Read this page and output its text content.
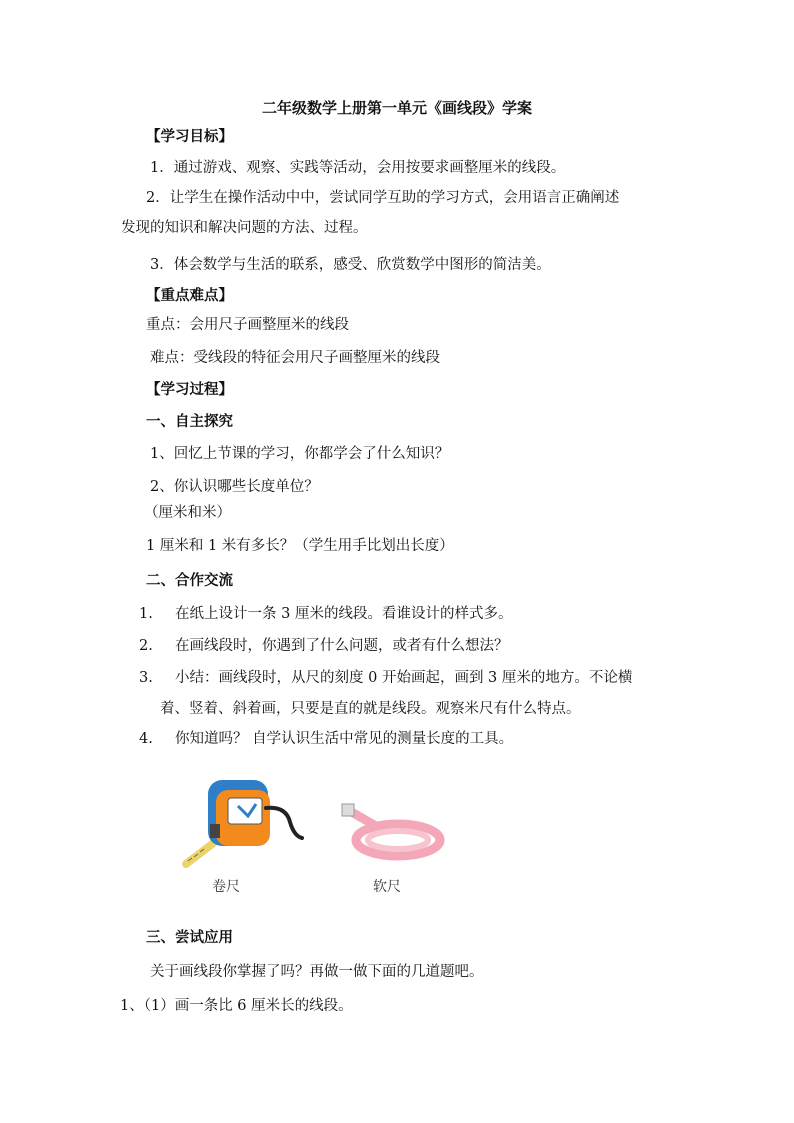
二年级数学上册第一单元《画线段》学案
【学习目标】
1．通过游戏、观察、实践等活动，会用按要求画整厘米的线段。
2．让学生在操作活动中中，尝试同学互助的学习方式，会用语言正确阐述
发现的知识和解决问题的方法、过程。
3．体会数学与生活的联系，感受、欣赏数学中图形的简洁美。
【重点难点】
重点：会用尺子画整厘米的线段
难点：受线段的特征会用尺子画整厘米的线段
【学习过程】
一、自主探究
1、回忆上节课的学习，你都学会了什么知识？
2、你认识哪些长度单位？
（厘米和米）
1 厘米和 1 米有多长？（学生用手比划出长度）
二、合作交流
1. 在纸上设计一条 3 厘米的线段。看谁设计的样式多。
2. 在画线段时，你遇到了什么问题，或者有什么想法？
3. 小结：画线段时，从尺的刻度 0 开始画起，画到 3 厘米的地方。不论横
着、竖着、斜着画，只要是直的就是线段。观察米尺有什么特点。
4. 你知道吗？ 自学认识生活中常见的测量长度的工具。
卷尺	软尺
三、尝试应用
关于画线段你掌握了吗？再做一做下面的几道题吧。
1、（1）画一条比 6 厘米长的线段。
